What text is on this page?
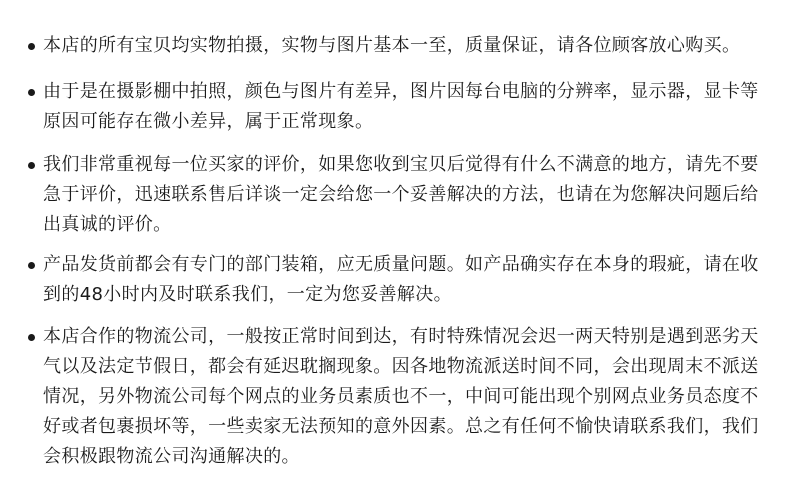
本店的所有宝贝均实物拍摄，实物与图片基本一至，质量保证，请各位顾客放心购买。
由于是在摄影棚中拍照，颜色与图片有差异，图片因每台电脑的分辨率，显示器，显卡等原因可能存在微小差异，属于正常现象。
我们非常重视每一位买家的评价，如果您收到宝贝后觉得有什么不满意的地方，请先不要急于评价，迅速联系售后详谈一定会给您一个妥善解决的方法，也请在为您解决问题后给出真诚的评价。
产品发货前都会有专门的部门装箱，应无质量问题。如产品确实存在本身的瑕疵，请在收到的48小时内及时联系我们，一定为您妥善解决。
本店合作的物流公司，一般按正常时间到达，有时特殊情况会迟一两天特别是遇到恶劣天气以及法定节假日，都会有延迟耽搁现象。因各地物流派送时间不同，会出现周末不派送情况，另外物流公司每个网点的业务员素质也不一，中间可能出现个别网点业务员态度不好或者包裹损坏等，一些卖家无法预知的意外因素。总之有任何不愉快请联系我们，我们会积极跟物流公司沟通解决的。
